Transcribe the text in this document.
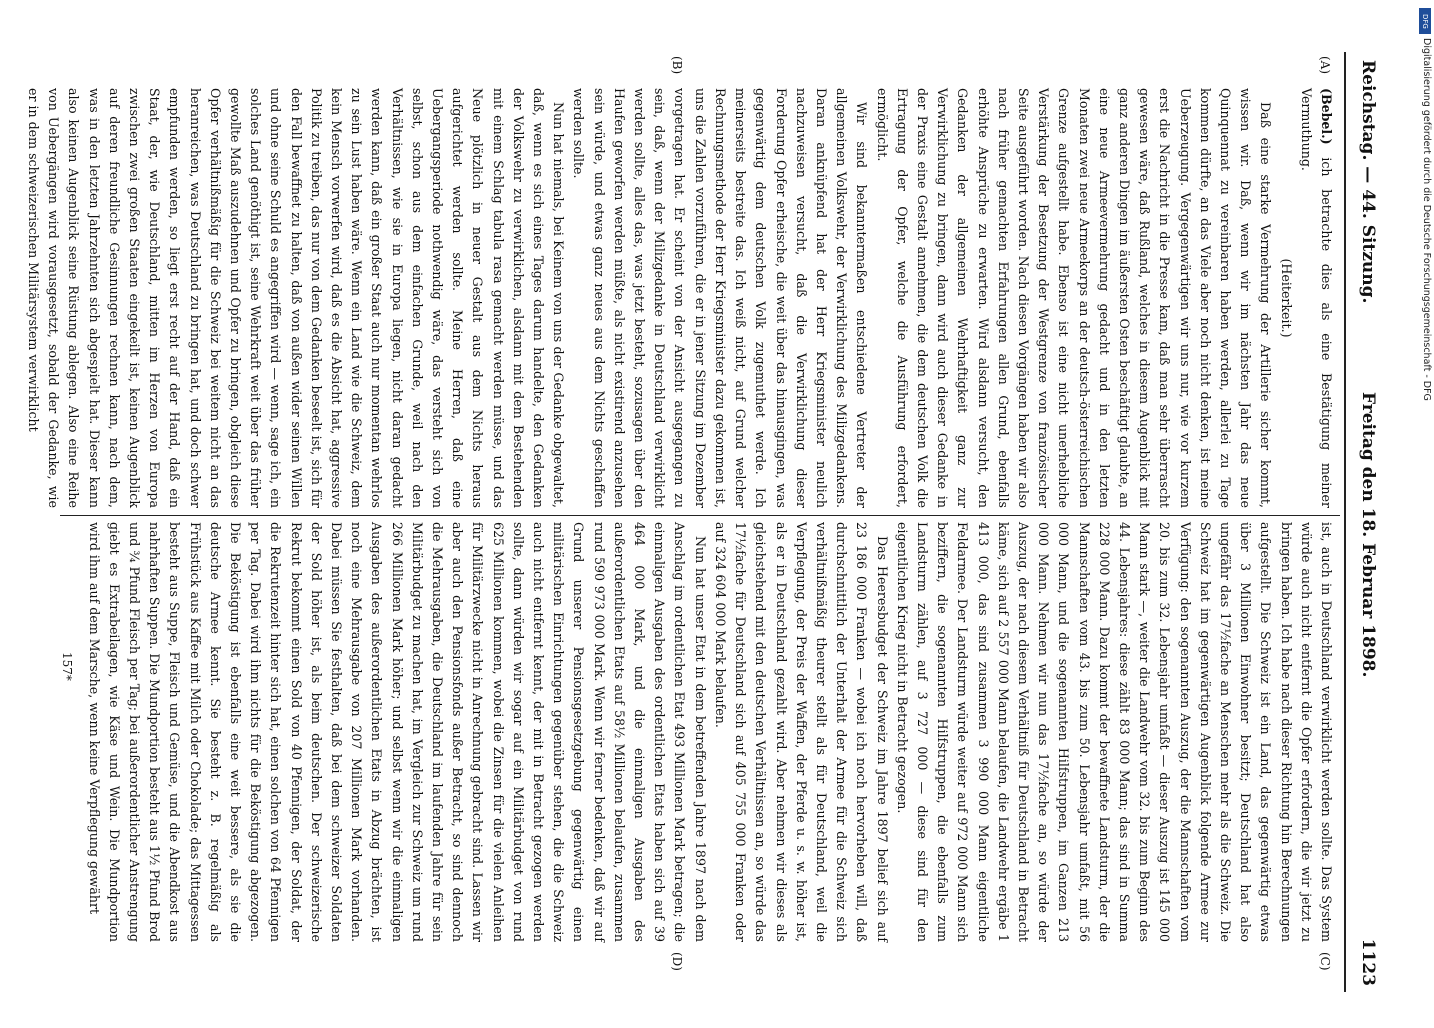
Reichstag. — 44. Sitzung.
Freitag den 18. Februar 1898.
1123
(A)
(B)
(C)
(D)

(Bebel.) ich betrachte dies als eine Bestätigung meiner Vermuthung.

(Heiterkeit.)

Daß eine starke Vermehrung der Artillerie sicher kommt, wissen wir. Daß, wenn wir im nächsten Jahr das neue Quinquennat zu vereinbaren haben werden, allerlei zu Tage kommen dürfte, an das Viele aber noch nicht denken, ist meine Ueberzeugung. Vergegenwärtigen wir uns nur, wie vor kurzem erst die Nachricht in die Presse kam, daß man sehr überrascht gewesen wäre, daß Rußland, welches in diesem Augenblick mit ganz anderen Dingen im äußersten Osten beschäftigt glaubte, an eine neue Armeevermehrung gedacht und in den letzten Monaten zwei neue Armeekorps an der deutsch-österreichischen Grenze aufgestellt habe. Ebenso ist eine nicht unerhebliche Verstärkung der Besetzung der Westgrenze von französischer Seite ausgeführt worden. Nach diesen Vorgängen haben wir also nach früher gemachten Erfahrungen allen Grund, ebenfalls erhöhte Ansprüche zu erwarten. Wird alsdann versucht, den Gedanken der allgemeinen Wehrhaftigkeit ganz zur Verwirklichung zu bringen, dann wird auch dieser Gedanke in der Praxis eine Gestalt annehmen, die dem deutschen Volk die Ertragung der Opfer, welche die Ausführung erfordert, ermöglicht.

Wir sind bekanntermaßen entschiedene Vertreter der allgemeinen Volkswehr, der Verwirklichung des Milizgedankens. Daran anknüpfend hat der Herr Kriegsminister neulich nachzuweisen versucht, daß die Verwirklichung dieser Forderung Opfer erheische, die weit über das hinausgingen, was gegenwärtig dem deutschen Volk zugemuthet werde. Ich meinerseits bestreite das. Ich weiß nicht, auf Grund welcher Rechnungsmethode der Herr Kriegsminister dazu gekommen ist, uns die Zahlen vorzuführen, die er in jener Sitzung im Dezember vorgetragen hat. Er scheint von der Ansicht ausgegangen zu sein, daß, wenn der Milizgedanke in Deutschland verwirklicht werden sollte, alles das, was jetzt besteht, sozusagen über den Haufen geworfen werden müßte, als nicht existirend anzusehen sein würde, und etwas ganz neues aus dem Nichts geschaffen werden sollte.

Nun hat niemals, bei Keinem von uns der Gedanke obgewaltet, daß, wenn es sich eines Tages darum handelte, den Gedanken der Volkswehr zu verwirklichen, alsdann mit dem Bestehenden mit einem Schlag tabula rasa gemacht werden müsse, und das Neue plötzlich in neuer Gestalt aus dem Nichts heraus aufgerichtet werden sollte. Meine Herren, daß eine Uebergangsperiode nothwendig wäre, das versteht sich von selbst, schon aus dem einfachen Grunde, weil nach den Verhältnissen, wie sie in Europa liegen, nicht daran gedacht werden kann, daß ein großer Staat auch nur momentan wehrlos zu sein Lust haben wäre. Wenn ein Land wie die Schweiz, dem kein Mensch vorwerfen wird, daß es die Absicht hat, aggressive Politik zu treiben, das nur von dem Gedanken beseelt ist, sich für den Fall bewaffnet zu halten, daß von außen wider seinen Willen und ohne seine Schuld es angegriffen wird — wenn, sage ich, ein solches Land genöthigt ist, seine Wehrkraft weit über das früher gewollte Maß auszudehnen und Opfer zu bringen, obgleich diese Opfer verhältnißmäßig für die Schweiz bei weitem nicht an das heranreichen, was Deutschland zu bringen hat, und doch schwer empfunden werden, so liegt erst recht auf der Hand, daß ein Staat, der, wie Deutschland, mitten im Herzen von Europa zwischen zwei großen Staaten eingekeilt ist, keinen Augenblick auf deren freundliche Gesinnungen rechnen kann, nach dem, was in den letzten Jahrzehnten sich abgespielt hat. Dieser kann also keinen Augenblick seine Rüstung ablegen. Also eine Reihe von Uebergängen wird vorausgesetzt, sobald der Gedanke, wie er in dem schweizerischen Militärsystem verwirklicht

ist, auch in Deutschland verwirklicht werden sollte. Das System würde auch nicht entfernt die Opfer erfordern, die wir jetzt zu bringen haben. Ich habe nach dieser Richtung hin Berechnungen aufgestellt. Die Schweiz ist ein Land, das gegenwärtig etwas über 3 Millionen Einwohner besitzt; Deutschland hat also ungefähr das 17½fache an Menschen mehr als die Schweiz. Die Schweiz hat im gegenwärtigen Augenblick folgende Armee zur Verfügung: den sogenannten Auszug, der die Mannschaften vom 20. bis zum 32. Lebensjahr umfaßt — dieser Auszug ist 145 000 Mann stark —, weiter die Landwehr vom 32. bis zum Beginn des 44. Lebensjahres: diese zählt 83 000 Mann; das sind in Summa 228 000 Mann. Dazu kommt der bewaffnete Landsturm, der die Mannschaften vom 43. bis zum 50. Lebensjahr umfaßt, mit 56 000 Mann, und die sogenannten Hilfstruppen, im Ganzen 213 000 Mann. Nehmen wir nun das 17½fache an, so würde der Auszug, der nach diesem Verhältniß für Deutschland in Betracht käme, sich auf 2 557 000 Mann belaufen, die Landwehr ergäbe 1 413 000, das sind zusammen 3 990 000 Mann eigentliche Feldarmee. Der Landsturm würde weiter auf 972 000 Mann sich beziffern, die sogenannten Hilfstruppen, die ebenfalls zum Landsturm zählen, auf 3 727 000 — diese sind für den eigentlichen Krieg nicht in Betracht gezogen.

Das Heeresbudget der Schweiz im Jahre 1897 belief sich auf 23 186 000 Franken — wobei ich noch hervorheben will, daß durchschnittlich der Unterhalt der Armee für die Schweiz sich verhältnißmäßig theurer stellt als für Deutschland, weil die Verpflegung, der Preis der Waffen, der Pferde u. s. w. höher ist, als er in Deutschland gezahlt wird. Aber nehmen wir dieses als gleichstehend mit den deutschen Verhältnissen an, so würde das 17½fache für Deutschland sich auf 405 755 000 Franken oder auf 324 604 000 Mark belaufen.

Nun hat unser Etat in dem betreffenden Jahre 1897 nach dem Anschlag im ordentlichen Etat 493 Millionen Mark betragen; die einmaligen Ausgaben des ordentlichen Etats haben sich auf 39 464 000 Mark, und die einmaligen Ausgaben des außerordentlichen Etats auf 58½ Millionen belaufen, zusammen rund 590 973 000 Mark. Wenn wir ferner bedenken, daß wir auf Grund unserer Pensionsgesetzgebung gegenwärtig einen militärischen Einrichtungen gegenüber stehen, die die Schweiz auch nicht entfernt kennt, der mit in Betracht gezogen werden sollte, dann würden wir sogar auf ein Militärbudget von rund 625 Millionen kommen, wobei die Zinsen für die vielen Anleihen für Militärzwecke nicht in Anrechnung gebracht sind. Lassen wir aber auch den Pensionsfonds außer Betracht, so sind dennoch die Mehrausgaben, die Deutschland im laufenden Jahre für sein Militärbudget zu machen hat, im Vergleich zur Schweiz um rund 266 Millionen Mark höher; und selbst wenn wir die einmaligen Ausgaben des außerordentlichen Etats in Abzug brächten, ist noch eine Mehrausgabe von 207 Millionen Mark vorhanden. Dabei müssen Sie festhalten, daß bei dem schweizer Soldaten der Sold höher ist, als beim deutschen. Der schweizerische Rekrut bekommt einen Sold von 40 Pfennigen, der Soldat, der die Rekrutenzeit hinter sich hat, einen solchen von 64 Pfennigen per Tag. Dabei wird ihm nichts für die Beköstigung abgezogen. Die Beköstigung ist ebenfalls eine weit bessere, als sie die deutsche Armee kennt. Sie besteht z. B. regelmäßig als Frühstück aus Kaffee mit Milch oder Chokolade; das Mittagessen besteht aus Suppe, Fleisch und Gemüse, und die Abendkost aus nahrhaften Suppen. Die Mundportion besteht aus 1½ Pfund Brod und ¾ Pfund Fleisch per Tag; bei außerordentlicher Anstrengung giebt es Extrabeilagen, wie Käse und Wein. Die Mundportion wird ihm auf dem Marsche, wenn keine Verpflegung gewährt

157*
DFG
Digitalisierung gefördert durch die Deutsche Forschungsgemeinschaft - DFG
